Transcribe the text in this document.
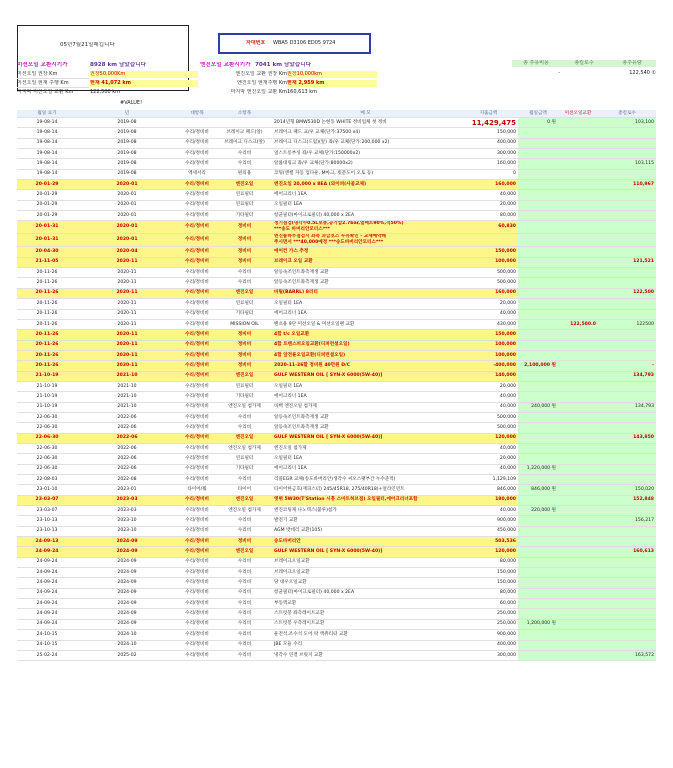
05년7월21일패킵니다	자대번호 WBA5 D3106 ED05 9724
미션오일 교환시기가	8928 km 남았습니다	엔진오일 교환시기가 7041 km 남았습니다
미션오일 권장 Km	권장50,000Km	엔진오일 교환 권장 Km 권장10,000km
미션오일 현재 주행 Km	현재 41,072 km	엔진오일 현재주행 Km 현재 2,959 km
마지막 미션오일 교환 Km	122,500 km	마지막 엔진오일 교환 Km 160,613 km
#VALUE!
총 주유비용	총킬로수	총주유량
-	122,540 ①
월일 요기	년	대항목	소항목	메 모	지출금액	월일금액	미션오일교환	총킬로수
19-08-14	2019-08			2014년형 BMW530D 논현동 WHITE 정비업체 첫 정비	11,429,475	0 원		103,100
19-08-14	2019-08	수리/정비비	브레이크 패드(앞)	브레이크 패드 교/우 교체(단가:37500 x4)	150,000			
19-08-14	2019-08	수리/정비비	브레이크 디스크(앞)	브레이크 디스크(드럼)(앞) 좌/우 교체(단가:200,000 x2)	400,000			
19-08-14	2019-08	수리/정비비	수리비	얼스트롱부싱 좌/우 교체(단가:150000x2)	300,000			
19-08-14	2019-08	수리/정비비	수리비	알룹대링크 좌/우 교체(단가:80000x2)	160,000			103,115
19-08-14	2019-08	액세서리	편의용	코팅(앤썰 자동 업다운, M마크, 빗문도어 오토 등)	0			
20-01-29	2020-01	수리/정비비	엔진오일	엔진오일 20,000 x 8EA (와이퍼(사골교체)	160,000			110,967
20-01-29	2020-01	수리/정비비	연료필터	에어크리너 1EA	40,000			
20-01-29	2020-01	수리/정비비	연료필터	오일필터 1EA	20,000			
20-01-29	2020-01	수리/정비비	기타필터	항균필터(마이크로필터) 40,000 x 2EA	80,000			
20-01-31	2020-01	수리/정비비	정비비	정기점검(냉각수0.5L보충,공기압2.7bar,얼배트90%,직50%)
***송도 바버리안모터스***	60,830			
20-01-31	2020-01	수리/정비비	정비비	엔진룸하부점검시 좌측 과급호스 누유확인 - 교체예약해
주시면서 ***40,000예정 ***송도바버리안모터스***				

20-04-30	2020-04	수리/정비비	정비비	에어컨 가스 추정	150,000			
21-11-05	2020-11	수리/정비비	정비비	브레이크 오일 교환	100,000			121,521
20-11-26	2020-11	수리/정비비	수리비	알등속조인트좌측재생 교환	500,000			
20-11-26	2020-11	수리/정비비	수리비	알등속조인트좌측재생 교환	500,000			
20-11-26	2020-11	수리/정비비	엔진오일	바틸(BARRL) 8리터	160,000			122,500
20-11-26	2020-11	수리/정비비	연료필터	오일필터 1EA	20,000			
20-11-26	2020-11	수리/정비비	기타필터	에어크리너 1EA	40,000			
20-11-26	2020-11	수리/정비비	MISSION OIL	밴츠용 9단 미션오일 & 미션오일팬 교환	430,000		122,500.0	122500
20-11-26	2020-11	수리/정비비	정비비	4합 t/c 오일교환	150,000			
20-11-26	2020-11	수리/정비비	정비비	4합 트랜스퍼오일교환(디퍼런셜오일)	100,000			
20-11-26	2020-11	수리/정비비	정비비	4합 앞전륜오일교환(디퍼런셜오일)	100,000			
20-11-26	2020-11	수리/정비비	정비비	2020-11-26할 정비원 40만원 D/C	-400,000	2,100,000 원		-
21-10-19	2021-10	수리/정비비	엔진오일	GULF WESTERN OIL [ SYN-X 6000(5W-40)]	140,000			134,793
21-10-19	2021-10	수리/정비비	연료필터	오일필터 1EA	20,000			
21-10-19	2021-10	수리/정비비	기타필터	에어크리너 1EA	40,000			
21-10-19	2021-10	수리/정비비	엔진오일 첨가제	바뻑 엔진오일 첨가제	40,000	240,000 원		134,793
22-06-30	2022-06	수리/정비비	수리비	알등속조인트좌측재생 교환	500,000			
22-06-30	2022-06	수리/정비비	수리비	알등속조인트좌측재생 교환	500,000			
22-06-30	2022-06	수리/정비비	엔진오일	GULF WESTERN OIL [ SYN-X 6000(5W-40)]	120,000			143,850
22-06-30	2022-06	수리/정비비	엔진오일 첨가제	엔진오일 첨가제	40,000			
22-06-30	2022-06	수리/정비비	연료필터	오일필터 1EA	20,000			
22-06-30	2022-06	수리/정비비	기타필터	에어크리너 1EA	40,000	1,220,000 원		
22-08-03	2022-08	수리/정비비	수리비	리콜EGR 교체(송도바버리안)생각수 씨오스팻부간 누수준적)	1,129,109			
23-01-10	2023-01	타이어/휠	타이어	타이어한금호(재피스터) 245/45R18, 275/40R18)+얼라인먼트	846,000	846,000 원		150,020
23-03-07	2023-03	수리/정비비	엔진오일	엣뷔 5W30(T'Station 시흥 스마트허브점) 오일필터,에어크리너포함	180,000			152,848
23-03-07	2023-03	수리/정비비	엔진오일 첨가제	엔진코팅제 나노텍스(불루)첨가	40,000	220,000 원		
23-10-13	2023-10	수리/정비비	수리비	발전기 교환	900,000			156,217
23-10-13	2023-10	수리/정비비	수리비	AGM 밧데리 교환(105)	450,000			
24-09-13	2024-09	수리/정비비	정비비	송도바버리안	503,536			
24-09-24	2024-09	수리/정비비	엔진오일	GULF WESTERN OIL [ SYN-X 6000(5W-40)]	120,000			160,613
24-09-24	2024-09	수리/정비비	수리비	브레이크오일교환	80,000			
24-09-24	2024-09	수리/정비비	수리비	브레이크오일교환	150,000			
24-09-24	2024-09	수리/정비비	수리비	당 대우오일교환	150,000			
24-09-24	2024-09	수리/정비비	수리비	항균필터(마이크로필터) 40,000 x 2EA	80,000			
24-09-24	2024-09	수리/정비비	수리비	부동액교환	60,000			
24-09-24	2024-09	수리/정비비	수리비	스트럿봉 좌측레이트교환	250,000			
24-09-24	2024-09	수리/정비비	수리비	스트럿봉 우측레이트교환	250,000	1,200,000 원		
24-10-15	2024-10	수리/정비비	수리비	운전석,조수석 도어 락 액츄티터 교환	900,000			
24-10-15	2024-10	수리/정비비	수리비	JBE 모듈 수리	400,000			
25-02-24	2025-02	수리/정비비	수리비	냉각수 연결 브릿지 교환	300,000			163,572
